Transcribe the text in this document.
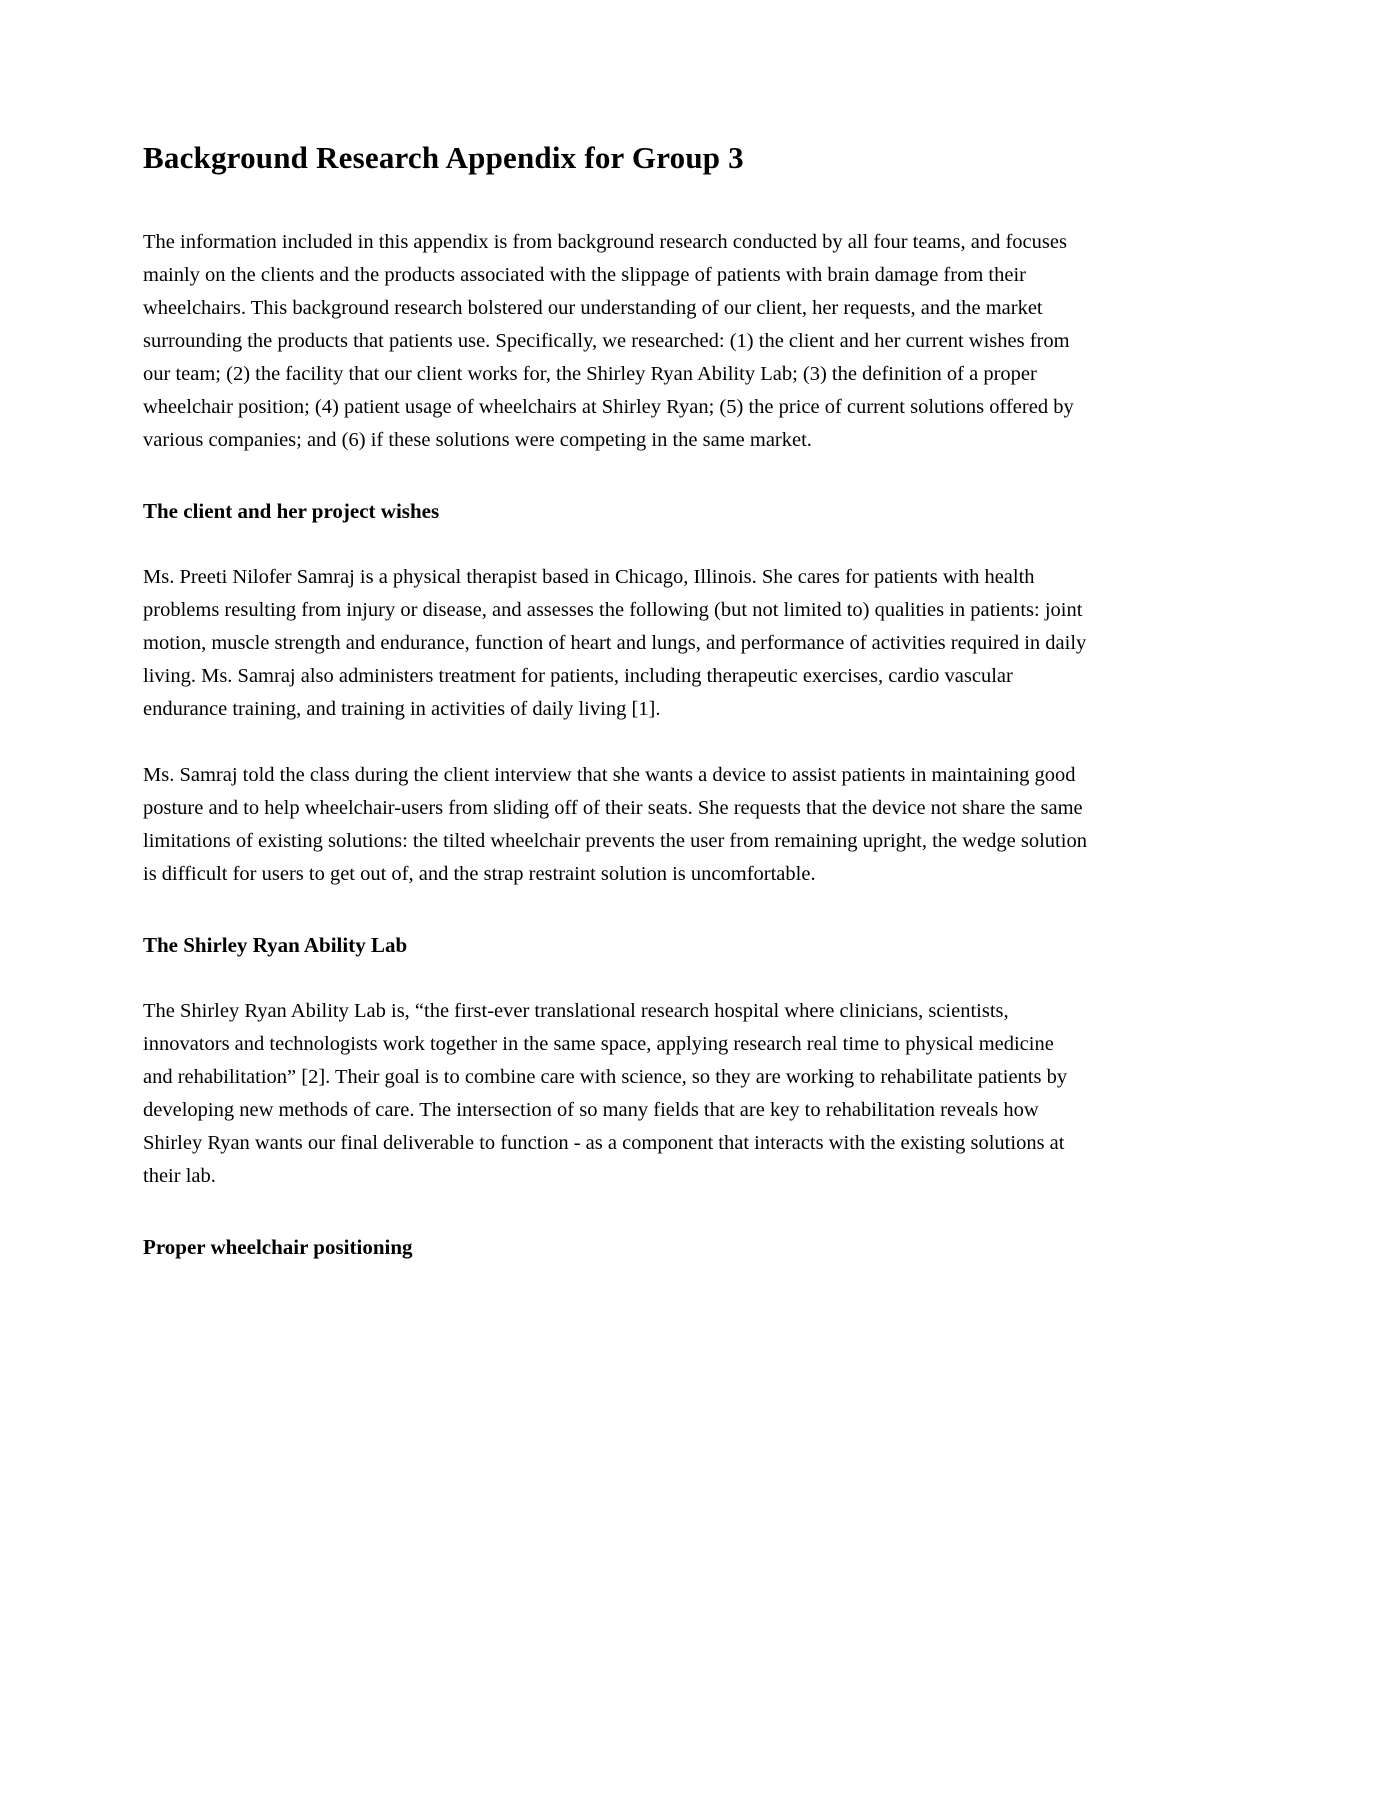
Background Research Appendix for Group 3

The information included in this appendix is from background research conducted by all four teams, and focuses mainly on the clients and the products associated with the slippage of patients with brain damage from their wheelchairs. This background research bolstered our understanding of our client, her requests, and the market surrounding the products that patients use. Specifically, we researched: (1) the client and her current wishes from our team; (2) the facility that our client works for, the Shirley Ryan Ability Lab; (3) the definition of a proper wheelchair position; (4) patient usage of wheelchairs at Shirley Ryan; (5) the price of current solutions offered by various companies; and (6) if these solutions were competing in the same market.

The client and her project wishes

Ms. Preeti Nilofer Samraj is a physical therapist based in Chicago, Illinois. She cares for patients with health problems resulting from injury or disease, and assesses the following (but not limited to) qualities in patients: joint motion, muscle strength and endurance, function of heart and lungs, and performance of activities required in daily living. Ms. Samraj also administers treatment for patients, including therapeutic exercises, cardio vascular endurance training, and training in activities of daily living [1].

Ms. Samraj told the class during the client interview that she wants a device to assist patients in maintaining good posture and to help wheelchair-users from sliding off of their seats. She requests that the device not share the same limitations of existing solutions: the tilted wheelchair prevents the user from remaining upright, the wedge solution is difficult for users to get out of, and the strap restraint solution is uncomfortable.

The Shirley Ryan Ability Lab

The Shirley Ryan Ability Lab is, “the first-ever translational research hospital where clinicians, scientists, innovators and technologists work together in the same space, applying research real time to physical medicine and rehabilitation” [2]. Their goal is to combine care with science, so they are working to rehabilitate patients by developing new methods of care. The intersection of so many fields that are key to rehabilitation reveals how Shirley Ryan wants our final deliverable to function - as a component that interacts with the existing solutions at their lab.

Proper wheelchair positioning
